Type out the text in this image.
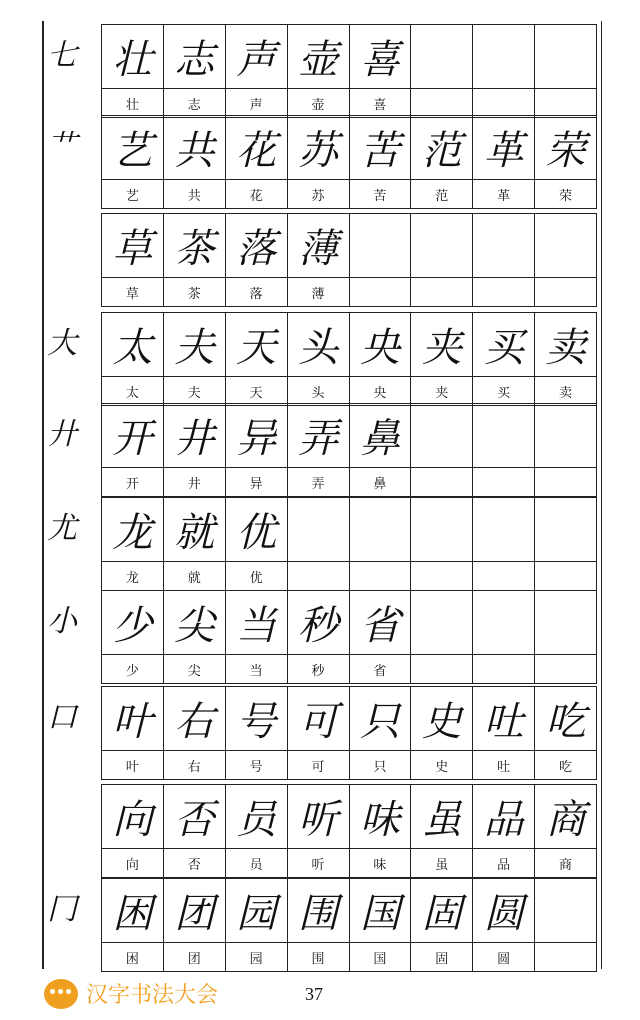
七 壮 志 声 壶 喜
壮	志	声	壶	喜
艹 艺 共 花 苏 苦 范 革 荣
艺	共	花	苏	苦	范	革	荣
草 茶 落 薄
草	茶	落	薄
大 太 夫 天 头 央 夹 买 卖
太	夫	天	头	央	夹	买	卖
廾 开 井 异 弄 鼻
开	井	异	弄	鼻
尤 龙 就 优
龙	就	优
小 少 尖 当 秒 省
少	尖	当	秒	省
口 叶 右 号 可 只 史 吐 吃
叶	右	号	可	只	史	吐	吃
向 否 员 听 味 虽 品 商
向	否	员	听	味	虽	品	商
冂 困 团 园 围 国 固 圆
困	团	园	围	国	固	圆
汉字书法大会	37
